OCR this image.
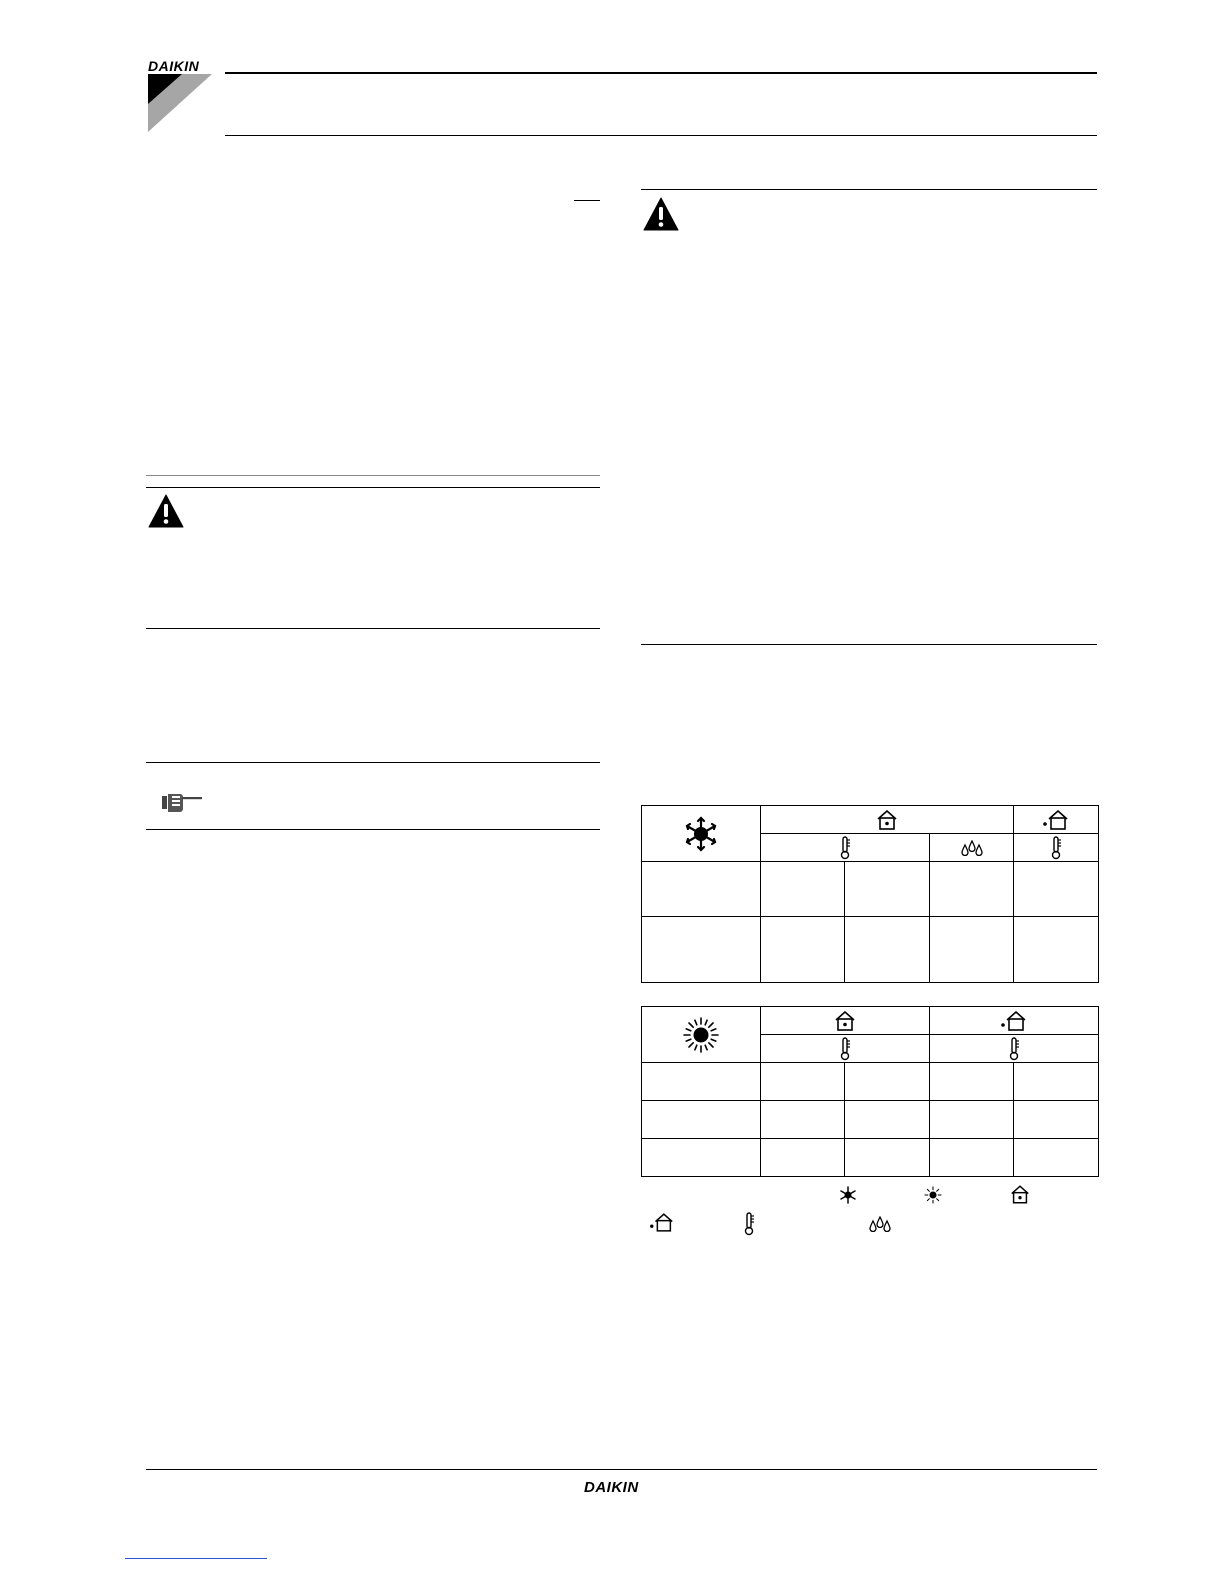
DAIKIN

DAIKIN
